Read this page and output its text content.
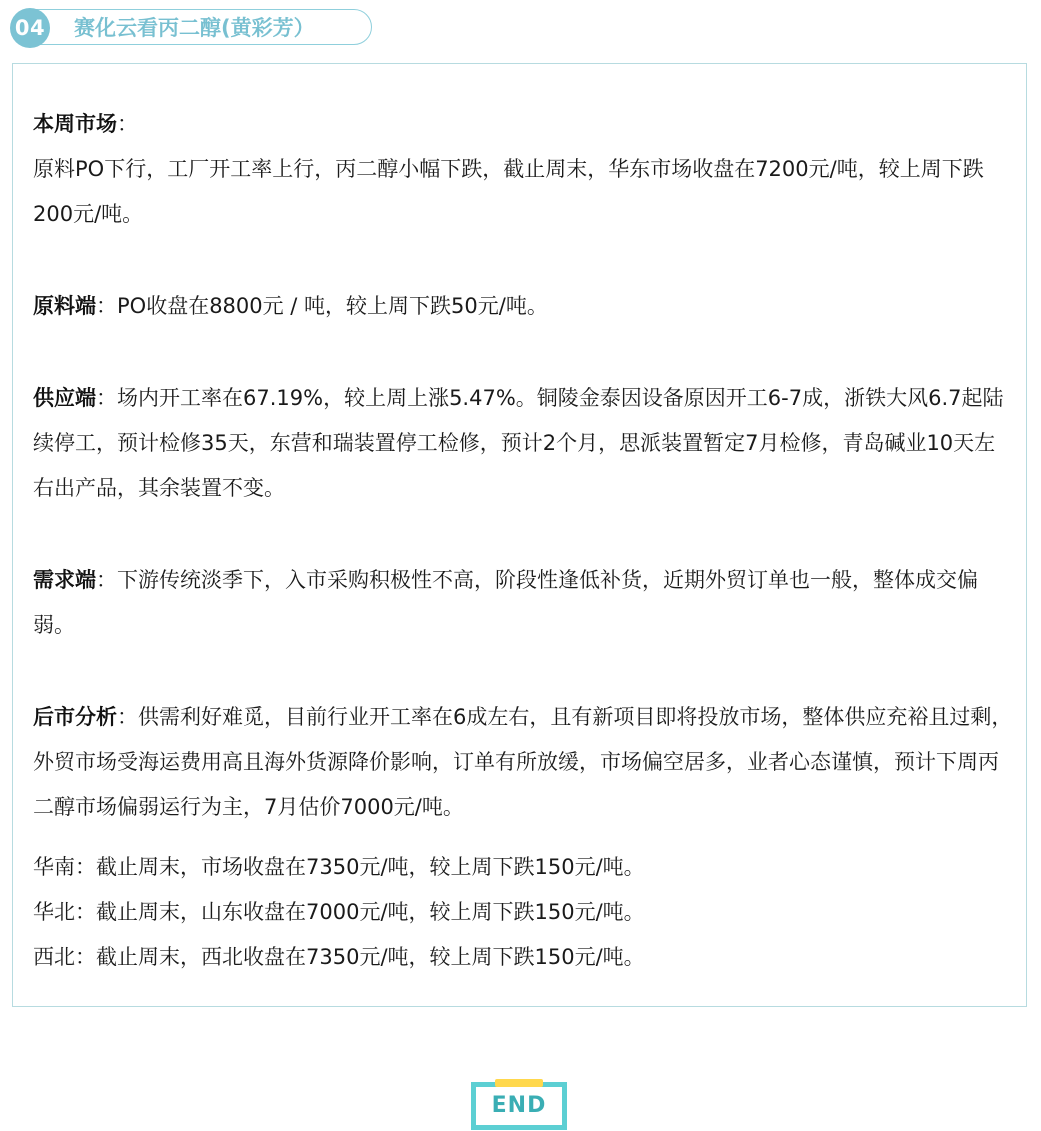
04 赛化云看丙二醇(黄彩芳）

本周市场：

原料PO下行，工厂开工率上行，丙二醇小幅下跌，截止周末，华东市场收盘在7200元/吨，较上周下跌200元/吨。

原料端：PO收盘在8800元 / 吨，较上周下跌50元/吨。

供应端：场内开工率在67.19%，较上周上涨5.47%。铜陵金泰因设备原因开工6-7成，浙铁大风6.7起陆续停工，预计检修35天，东营和瑞装置停工检修，预计2个月，思派装置暂定7月检修，青岛碱业10天左右出产品，其余装置不变。

需求端：下游传统淡季下，入市采购积极性不高，阶段性逢低补货，近期外贸订单也一般，整体成交偏弱。

后市分析：供需利好难觅，目前行业开工率在6成左右，且有新项目即将投放市场，整体供应充裕且过剩，外贸市场受海运费用高且海外货源降价影响，订单有所放缓，市场偏空居多，业者心态谨慎，预计下周丙二醇市场偏弱运行为主，7月估价7000元/吨。

华南：截止周末，市场收盘在7350元/吨，较上周下跌150元/吨。

华北：截止周末，山东收盘在7000元/吨，较上周下跌150元/吨。

西北：截止周末，西北收盘在7350元/吨，较上周下跌150元/吨。

END
